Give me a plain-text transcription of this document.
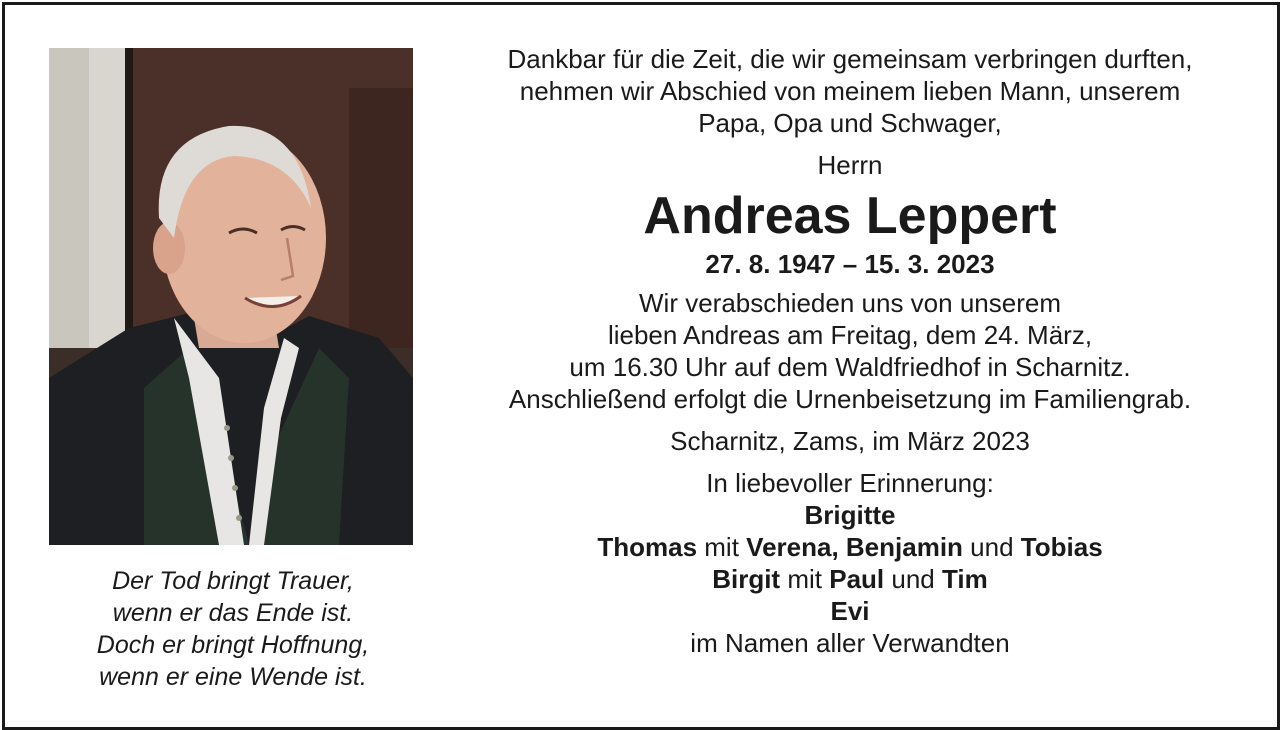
Der Tod bringt Trauer,
wenn er das Ende ist.
Doch er bringt Hoffnung,
wenn er eine Wende ist.
Dankbar für die Zeit, die wir gemeinsam verbringen durften,
nehmen wir Abschied von meinem lieben Mann, unserem
Papa, Opa und Schwager,
Herrn
Andreas Leppert
27. 8. 1947 – 15. 3. 2023
Wir verabschieden uns von unserem
lieben Andreas am Freitag, dem 24. März,
um 16.30 Uhr auf dem Waldfriedhof in Scharnitz.
Anschließend erfolgt die Urnenbeisetzung im Familiengrab.
Scharnitz, Zams, im März 2023
In liebevoller Erinnerung:
Brigitte
Thomas mit Verena, Benjamin und Tobias
Birgit mit Paul und Tim
Evi
im Namen aller Verwandten
